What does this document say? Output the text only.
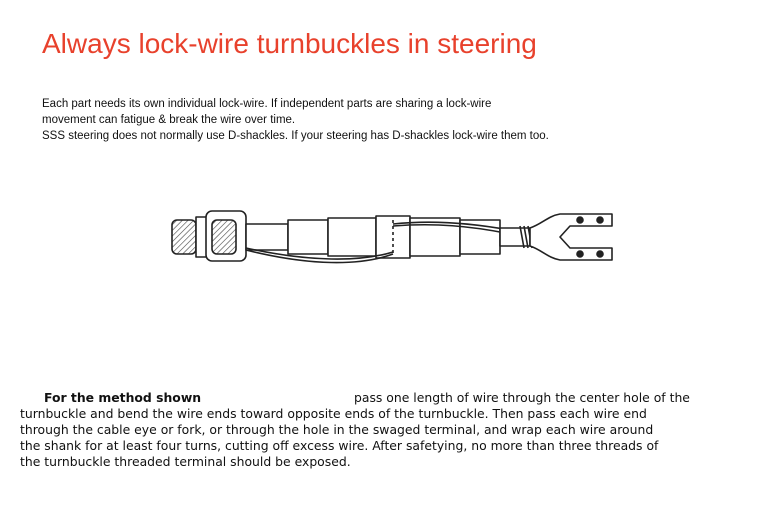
Always lock-wire turnbuckles in steering

Each part needs its own individual lock-wire. If independent parts are sharing a lock-wire

movement can fatigue & break the wire over time.

SSS steering does not normally use D-shackles. If your steering has D-shackles lock-wire them too.

For the method shown	pass one length of wire through the center hole of the

turnbuckle and bend the wire ends toward opposite ends of the turnbuckle. Then pass each wire end

through the cable eye or fork, or through the hole in the swaged terminal, and wrap each wire around

the shank for at least four turns, cutting off excess wire. After safetying, no more than three threads of

the turnbuckle threaded terminal should be exposed.
